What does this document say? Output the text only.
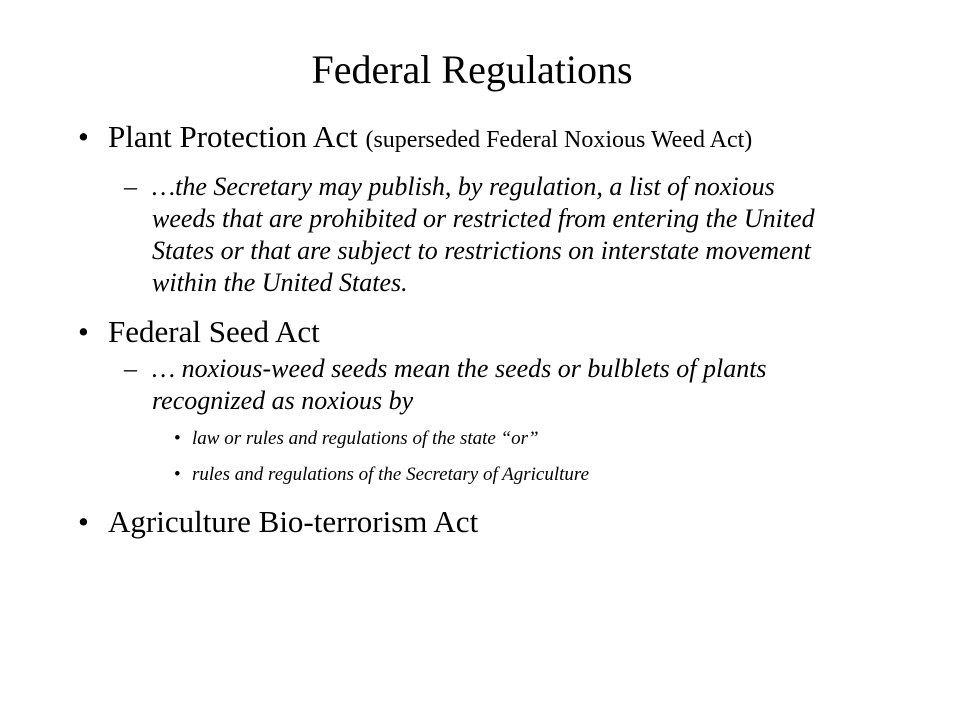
Federal Regulations
• Plant Protection Act (superseded Federal Noxious Weed Act)
– …the Secretary may publish, by regulation, a list of noxious weeds that are prohibited or restricted from entering the United States or that are subject to restrictions on interstate movement within the United States.
• Federal Seed Act
– … noxious-weed seeds mean the seeds or bulblets of plants recognized as noxious by
• law or rules and regulations of the state “or”
• rules and regulations of the Secretary of Agriculture
• Agriculture Bio-terrorism Act
